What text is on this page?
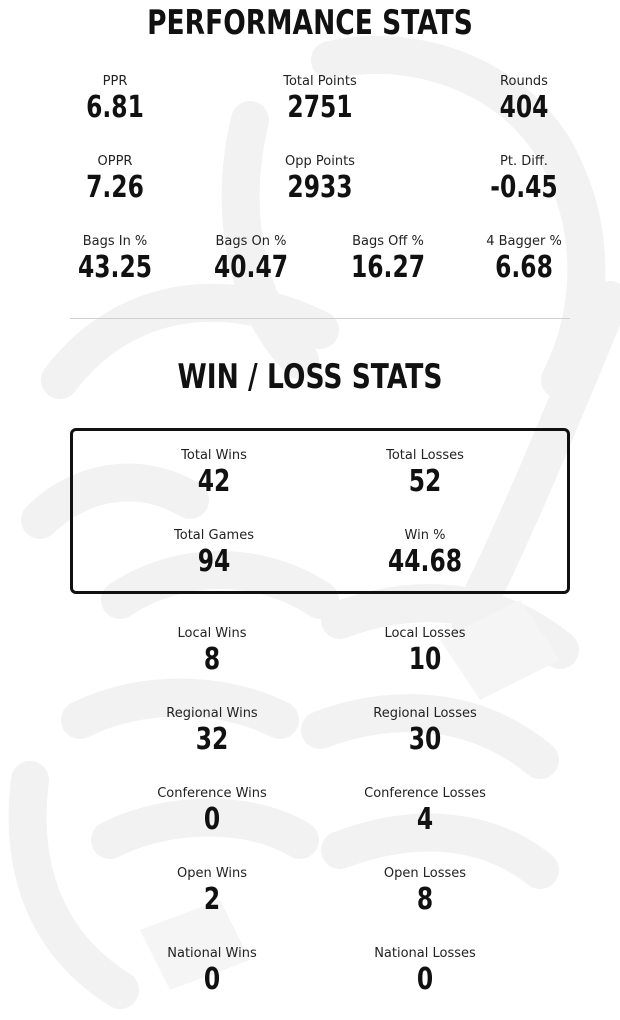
PERFORMANCE STATS
PPR
6.81
Total Points
2751
Rounds
404
OPPR
7.26
Opp Points
2933
Pt. Diff.
-0.45
Bags In %
43.25
Bags On %
40.47
Bags Off %
16.27
4 Bagger %
6.68
WIN / LOSS STATS
Total Wins
42
Total Losses
52
Total Games
94
Win %
44.68
Local Wins
8
Local Losses
10
Regional Wins
32
Regional Losses
30
Conference Wins
0
Conference Losses
4
Open Wins
2
Open Losses
8
National Wins
0
National Losses
0
